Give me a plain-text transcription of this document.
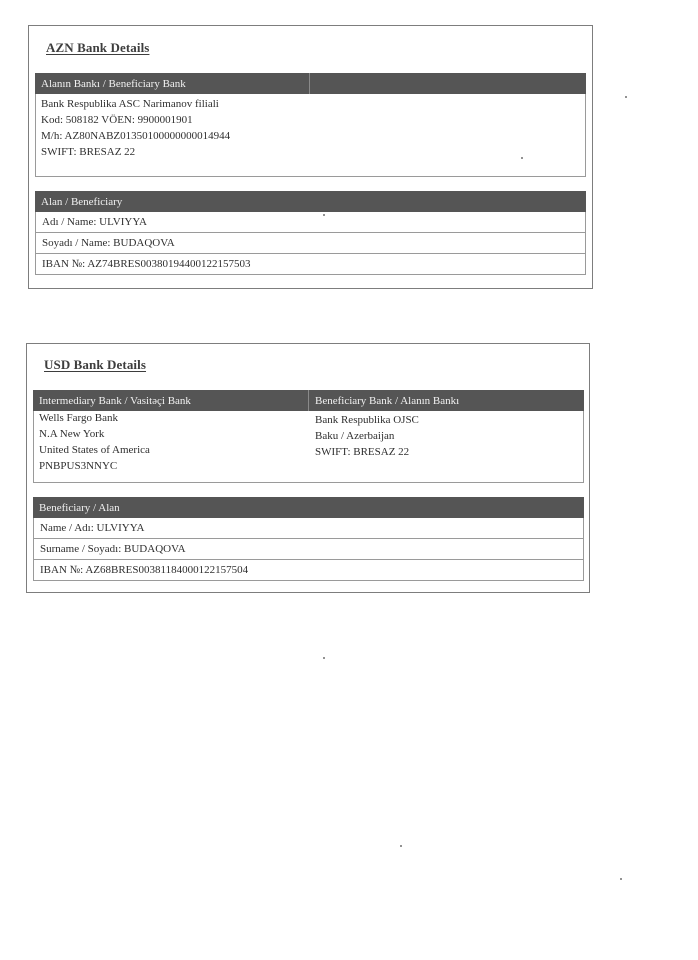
AZN Bank Details
Alanın Bankı / Beneficiary Bank
Bank Respublika ASC Narimanov filiali
Kod: 508182 VÖEN: 9900001901
M/h: AZ80NABZ01350100000000014944
SWIFT: BRESAZ 22
Alan / Beneficiary
Adı / Name: ULVIYYA
Soyadı / Name: BUDAQOVA
IBAN №: AZ74BRES00380194400122157503
USD Bank Details
Intermediary Bank / Vasitəçi Bank	Beneficiary Bank / Alanın Bankı
Wells Fargo Bank
N.A New York
United States of America
PNBPUS3NNYC
Bank Respublika OJSC
Baku / Azerbaijan
SWIFT: BRESAZ 22
Beneficiary / Alan
Name / Adı: ULVIYYA
Surname / Soyadı: BUDAQOVA
IBAN №: AZ68BRES00381184000122157504
